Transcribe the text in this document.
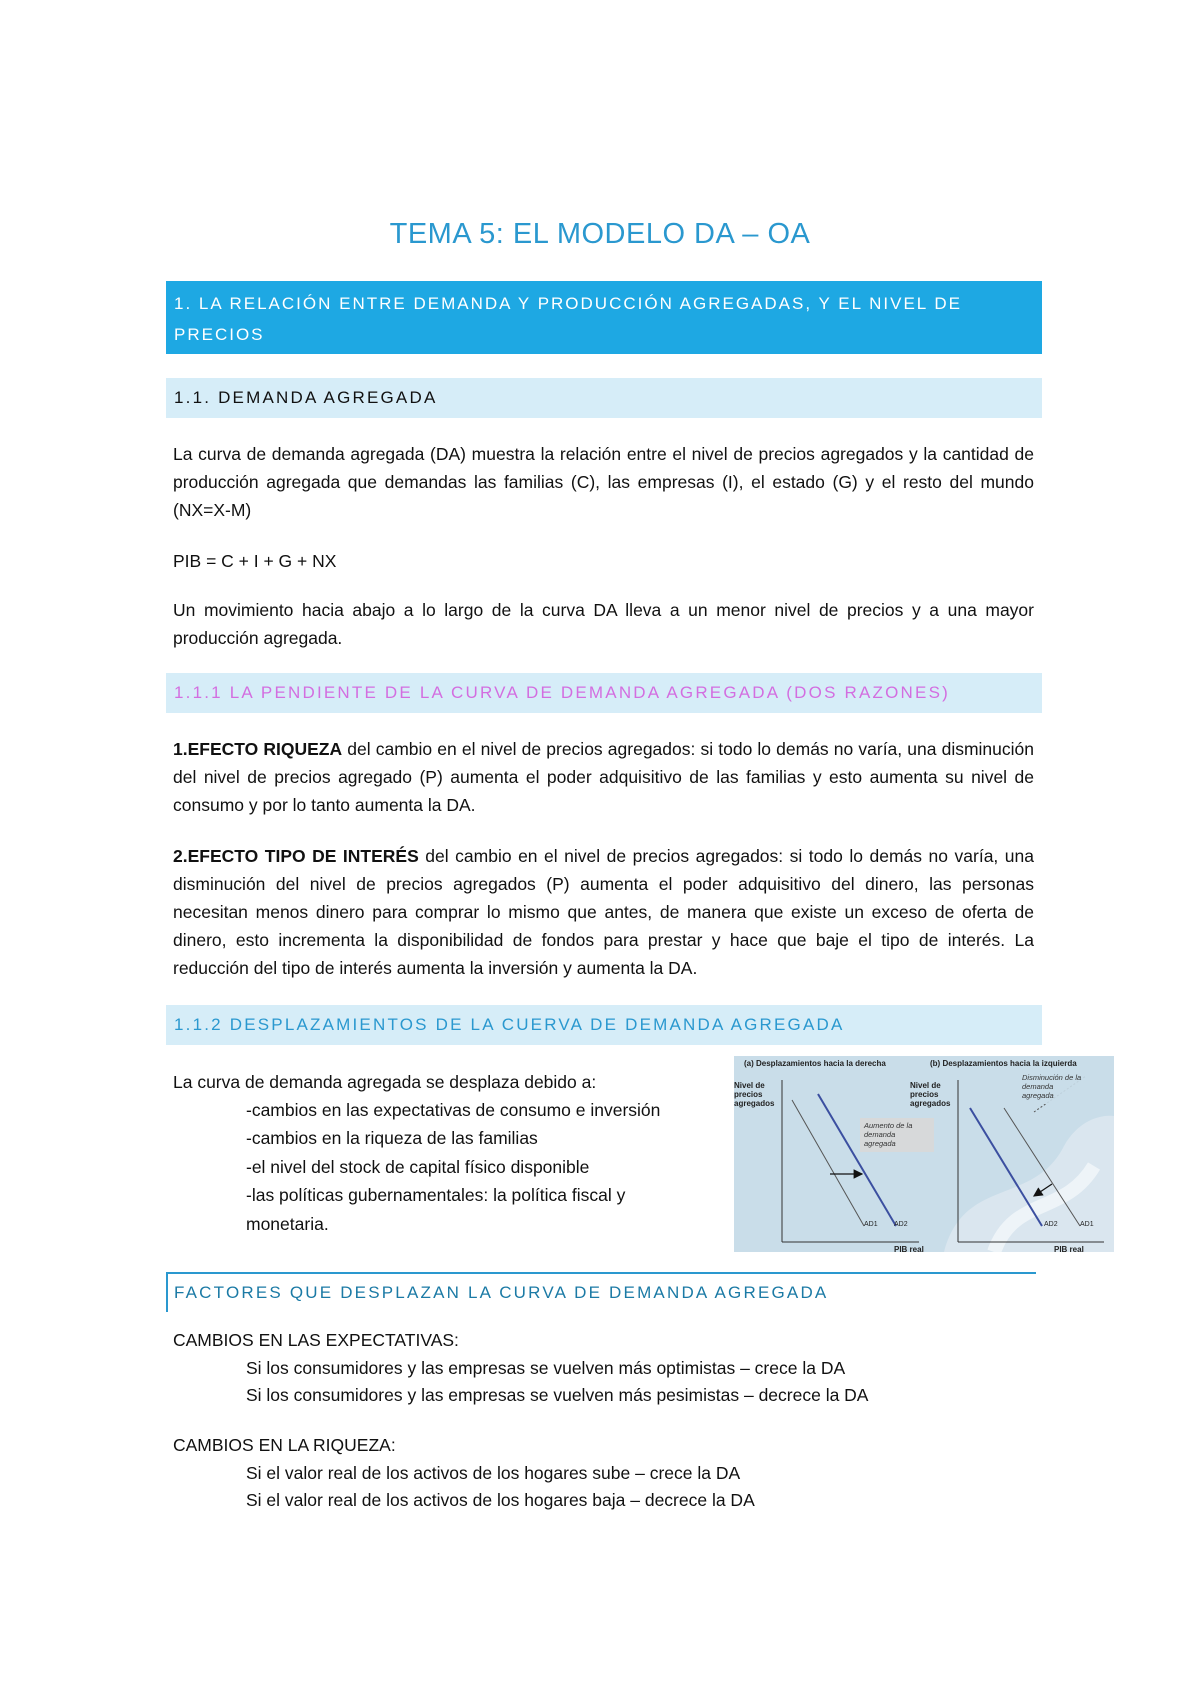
TEMA 5: EL MODELO DA – OA
1. LA RELACIÓN ENTRE DEMANDA Y PRODUCCIÓN AGREGADAS, Y EL NIVEL DE PRECIOS
1.1. DEMANDA AGREGADA

La curva de demanda agregada (DA) muestra la relación entre el nivel de precios agregados y la cantidad de producción agregada que demandas las familias (C), las empresas (I), el estado (G) y el resto del mundo (NX=X-M)

PIB = C + I + G + NX

Un movimiento hacia abajo a lo largo de la curva DA lleva a un menor nivel de precios y a una mayor producción agregada.

1.1.1 LA PENDIENTE DE LA CURVA DE DEMANDA AGREGADA (DOS RAZONES)

1.EFECTO RIQUEZA del cambio en el nivel de precios agregados: si todo lo demás no varía, una disminución del nivel de precios agregado (P) aumenta el poder adquisitivo de las familias y esto aumenta su nivel de consumo y por lo tanto aumenta la DA.

2.EFECTO TIPO DE INTERÉS del cambio en el nivel de precios agregados: si todo lo demás no varía, una disminución del nivel de precios agregados (P) aumenta el poder adquisitivo del dinero, las personas necesitan menos dinero para comprar lo mismo que antes, de manera que existe un exceso de oferta de dinero, esto incrementa la disponibilidad de fondos para prestar y hace que baje el tipo de interés. La reducción del tipo de interés aumenta la inversión y aumenta la DA.

1.1.2 DESPLAZAMIENTOS DE LA CUERVA DE DEMANDA AGREGADA

La curva de demanda agregada se desplaza debido a:

-cambios en las expectativas de consumo e inversión

-cambios en la riqueza de las familias

-el nivel del stock de capital físico disponible

-las políticas gubernamentales: la política fiscal y

monetaria.

(a) Desplazamientos hacia la derecha	(b) Desplazamientos hacia la izquierda
Nivel de
precios
agregados
Aumento de la
demanda
agregada
AD1 AD2
PIB real
Nivel de
precios
agregados
Disminución de la
demanda
agregada
AD2	AD1
PIB real
FACTORES QUE DESPLAZAN LA CURVA DE DEMANDA AGREGADA

CAMBIOS EN LAS EXPECTATIVAS:

Si los consumidores y las empresas se vuelven más optimistas – crece la DA

Si los consumidores y las empresas se vuelven más pesimistas – decrece la DA

CAMBIOS EN LA RIQUEZA:

Si el valor real de los activos de los hogares sube – crece la DA

Si el valor real de los activos de los hogares baja – decrece la DA
